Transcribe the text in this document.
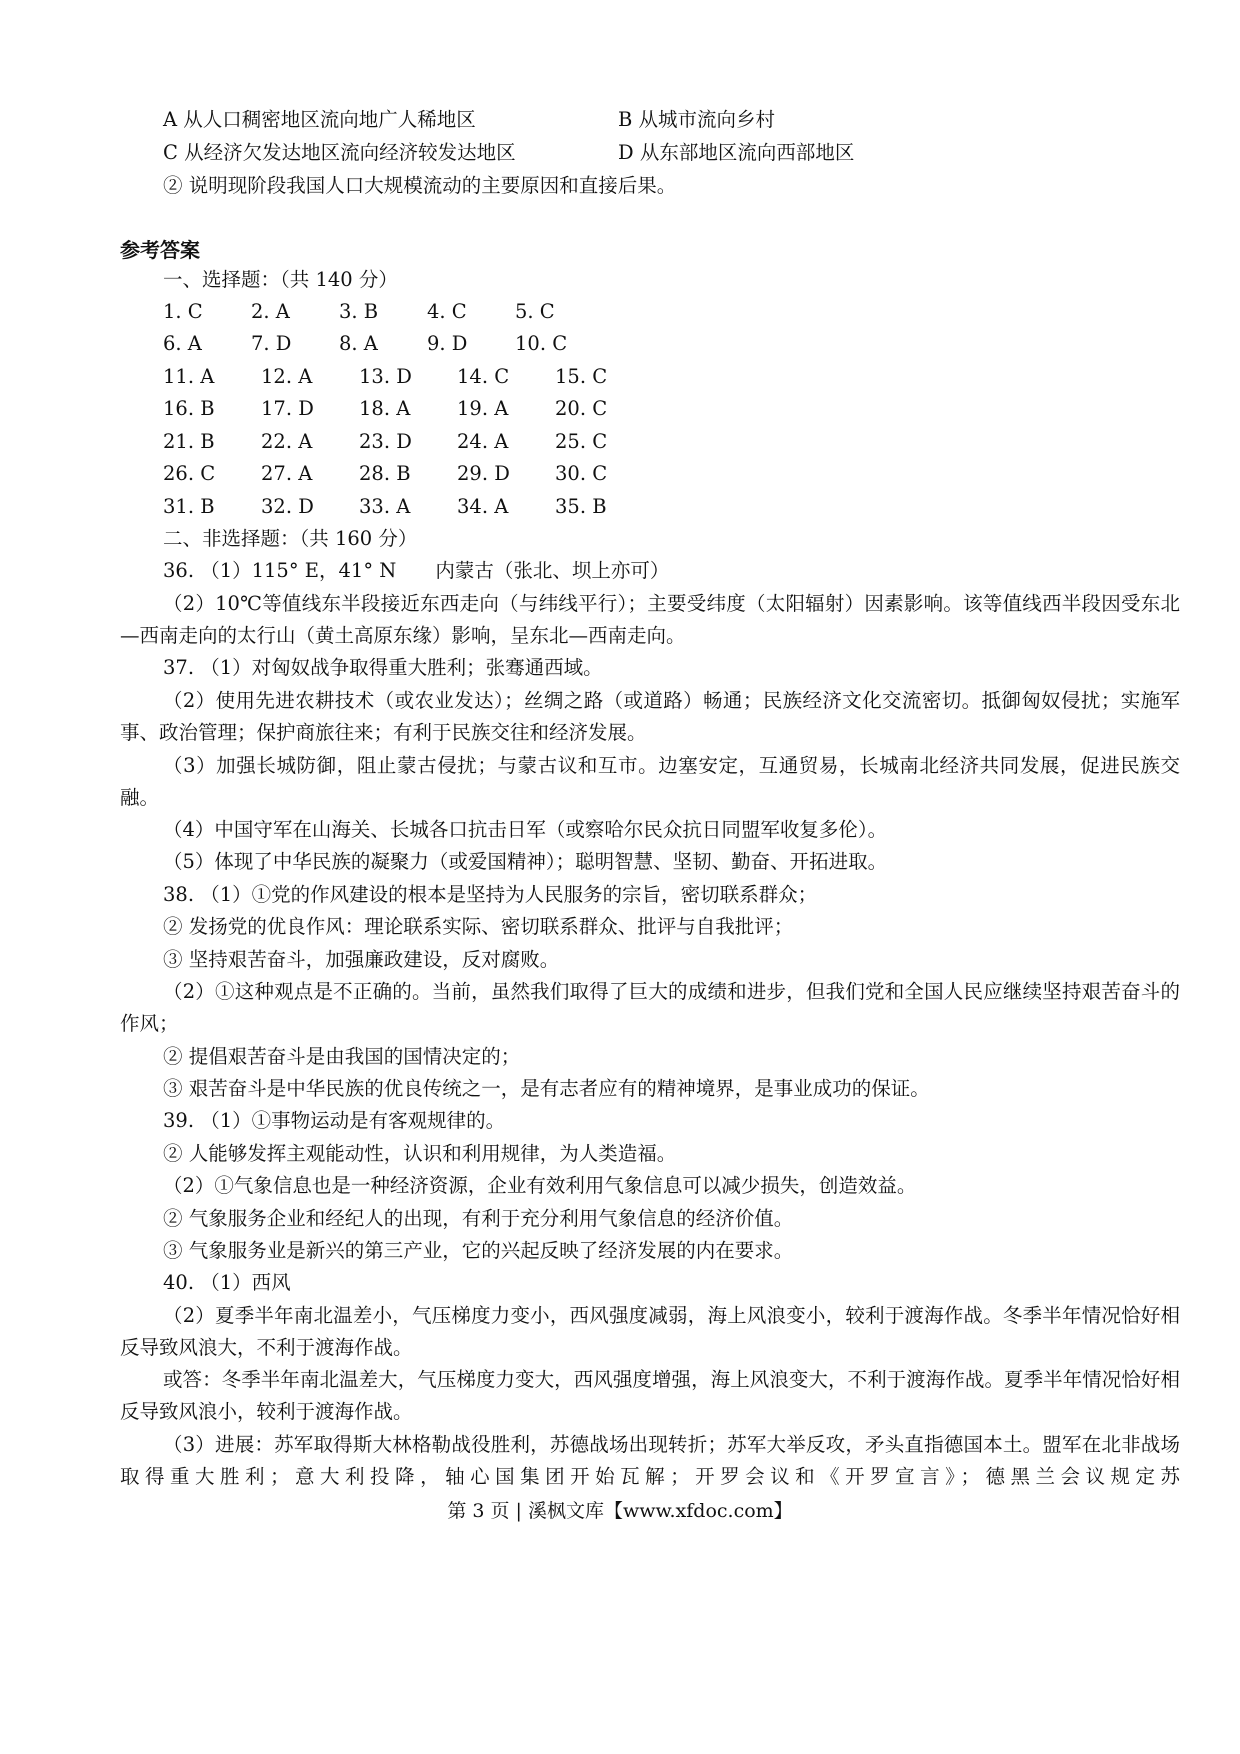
A 从人口稠密地区流向地广人稀地区	B 从城市流向乡村
C 从经济欠发达地区流向经济较发达地区	D 从东部地区流向西部地区
② 说明现阶段我国人口大规模流动的主要原因和直接后果。
参考答案
一、选择题：（共 140 分）
1. C 2. A	3. B	4. C 5. C
6. A	7. D 8. A	9. D 10. C
11. A 12. A 13. D 14. C 15. C
16. B 17. D 18. A 19. A 20. C
21. B 22. A 23. D 24. A 25. C
26. C 27. A 28. B 29. D 30. C
31. B 32. D 33. A 34. A 35. B
二、非选择题：（共 160 分）
36. （1）115° E，41° N　　内蒙古（张北、坝上亦可）
（2）10℃等值线东半段接近东西走向（与纬线平行）；主要受纬度（太阳辐射）因素影响。该等值线西半段因受东北—西南走向的太行山（黄土高原东缘）影响，呈东北—西南走向。
37. （1）对匈奴战争取得重大胜利；张骞通西域。
（2）使用先进农耕技术（或农业发达）；丝绸之路（或道路）畅通；民族经济文化交流密切。抵御匈奴侵扰；实施军事、政治管理；保护商旅往来；有利于民族交往和经济发展。
（3）加强长城防御，阻止蒙古侵扰；与蒙古议和互市。边塞安定，互通贸易，长城南北经济共同发展，促进民族交融。
（4）中国守军在山海关、长城各口抗击日军（或察哈尔民众抗日同盟军收复多伦）。
（5）体现了中华民族的凝聚力（或爱国精神）；聪明智慧、坚韧、勤奋、开拓进取。
38. （1）①党的作风建设的根本是坚持为人民服务的宗旨，密切联系群众；
② 发扬党的优良作风：理论联系实际、密切联系群众、批评与自我批评；
③ 坚持艰苦奋斗，加强廉政建设，反对腐败。
（2）①这种观点是不正确的。当前，虽然我们取得了巨大的成绩和进步，但我们党和全国人民应继续坚持艰苦奋斗的作风；
② 提倡艰苦奋斗是由我国的国情决定的；
③ 艰苦奋斗是中华民族的优良传统之一，是有志者应有的精神境界，是事业成功的保证。
39. （1）①事物运动是有客观规律的。
② 人能够发挥主观能动性，认识和利用规律，为人类造福。
（2）①气象信息也是一种经济资源，企业有效利用气象信息可以减少损失，创造效益。
② 气象服务企业和经纪人的出现，有利于充分利用气象信息的经济价值。
③ 气象服务业是新兴的第三产业，它的兴起反映了经济发展的内在要求。
40. （1）西风
（2）夏季半年南北温差小，气压梯度力变小，西风强度减弱，海上风浪变小，较利于渡海作战。冬季半年情况恰好相反导致风浪大，不利于渡海作战。
或答：冬季半年南北温差大，气压梯度力变大，西风强度增强，海上风浪变大，不利于渡海作战。夏季半年情况恰好相反导致风浪小，较利于渡海作战。
（3）进展：苏军取得斯大林格勒战役胜利，苏德战场出现转折；苏军大举反攻，矛头直指德国本土。盟军在北非战场取得重大胜利；意大利投降，轴心国集团开始瓦解；开罗会议和《开罗宣言》；德黑兰会议规定苏
第 3 页 | 溪枫文库【www.xfdoc.com】
